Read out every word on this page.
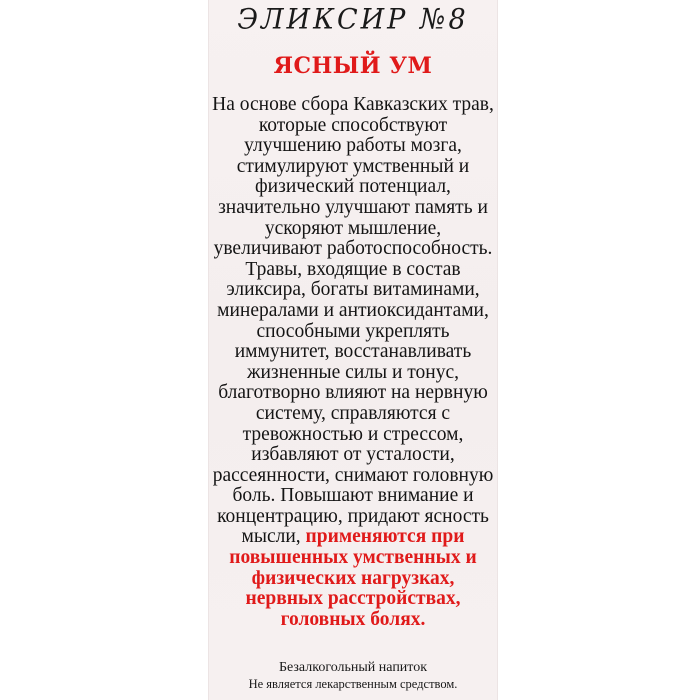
ЭЛИКСИР №8
ЯСНЫЙ УМ
На основе сбора Кавказских трав, которые способствуют улучшению работы мозга, стимулируют умственный и физический потенциал, значительно улучшают память и ускоряют мышление, увеличивают работоспособность. Травы, входящие в состав эликсира, богаты витаминами, минералами и антиоксидантами, способными укреплять иммунитет, восстанавливать жизненные силы и тонус, благотворно влияют на нервную систему, справляются с тревожностью и стрессом, избавляют от усталости, рассеянности, снимают головную боль. Повышают внимание и концентрацию, придают ясность мысли, применяются при повышенных умственных и физических нагрузках, нервных расстройствах, головных болях.
Безалкогольный напиток
Не является лекарственным средством.
